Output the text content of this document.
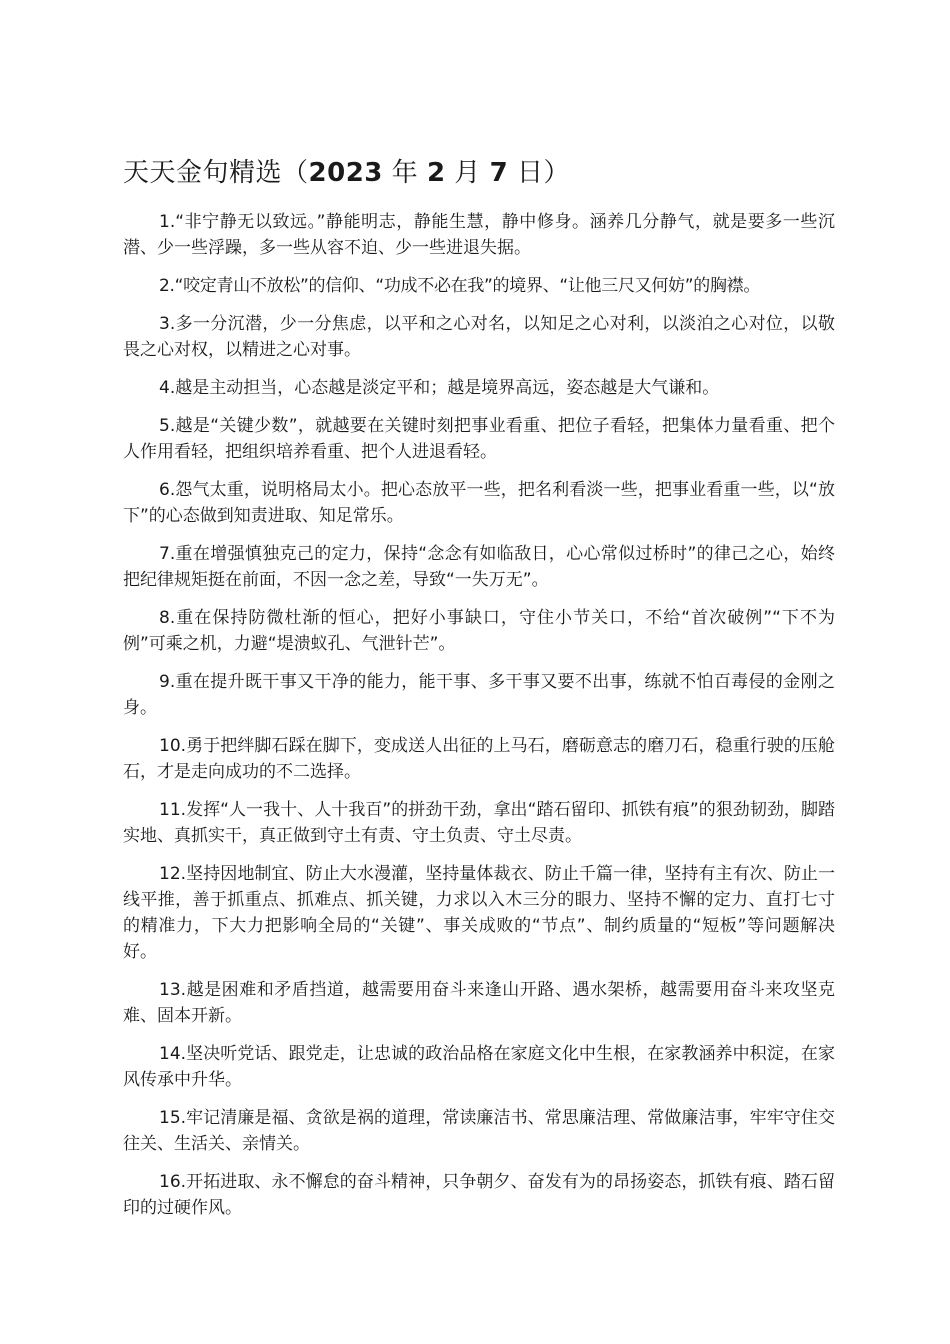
天天金句精选（2023 年 2 月 7 日）
1.“非宁静无以致远。”静能明志，静能生慧，静中修身。涵养几分静气，就是要多一些沉潜、少一些浮躁，多一些从容不迫、少一些进退失据。
2.“咬定青山不放松”的信仰、“功成不必在我”的境界、“让他三尺又何妨”的胸襟。
3.多一分沉潜，少一分焦虑，以平和之心对名，以知足之心对利，以淡泊之心对位，以敬畏之心对权，以精进之心对事。
4.越是主动担当，心态越是淡定平和；越是境界高远，姿态越是大气谦和。
5.越是“关键少数”，就越要在关键时刻把事业看重、把位子看轻，把集体力量看重、把个人作用看轻，把组织培养看重、把个人进退看轻。
6.怨气太重，说明格局太小。把心态放平一些，把名利看淡一些，把事业看重一些，以“放下”的心态做到知责进取、知足常乐。
7.重在增强慎独克己的定力，保持“念念有如临敌日，心心常似过桥时”的律己之心，始终把纪律规矩挺在前面，不因一念之差，导致“一失万无”。
8.重在保持防微杜渐的恒心，把好小事缺口，守住小节关口，不给“首次破例”“下不为例”可乘之机，力避“堤溃蚁孔、气泄针芒”。
9.重在提升既干事又干净的能力，能干事、多干事又要不出事，练就不怕百毒侵的金刚之身。
10.勇于把绊脚石踩在脚下，变成送人出征的上马石，磨砺意志的磨刀石，稳重行驶的压舱石，才是走向成功的不二选择。
11.发挥“人一我十、人十我百”的拼劲干劲，拿出“踏石留印、抓铁有痕”的狠劲韧劲，脚踏实地、真抓实干，真正做到守土有责、守土负责、守土尽责。
12.坚持因地制宜、防止大水漫灌，坚持量体裁衣、防止千篇一律，坚持有主有次、防止一线平推，善于抓重点、抓难点、抓关键，力求以入木三分的眼力、坚持不懈的定力、直打七寸的精准力，下大力把影响全局的“关键”、事关成败的“节点”、制约质量的“短板”等问题解决好。
13.越是困难和矛盾挡道，越需要用奋斗来逢山开路、遇水架桥，越需要用奋斗来攻坚克难、固本开新。
14.坚决听党话、跟党走，让忠诚的政治品格在家庭文化中生根，在家教涵养中积淀，在家风传承中升华。
15.牢记清廉是福、贪欲是祸的道理，常读廉洁书、常思廉洁理、常做廉洁事，牢牢守住交往关、生活关、亲情关。
16.开拓进取、永不懈怠的奋斗精神，只争朝夕、奋发有为的昂扬姿态，抓铁有痕、踏石留印的过硬作风。
